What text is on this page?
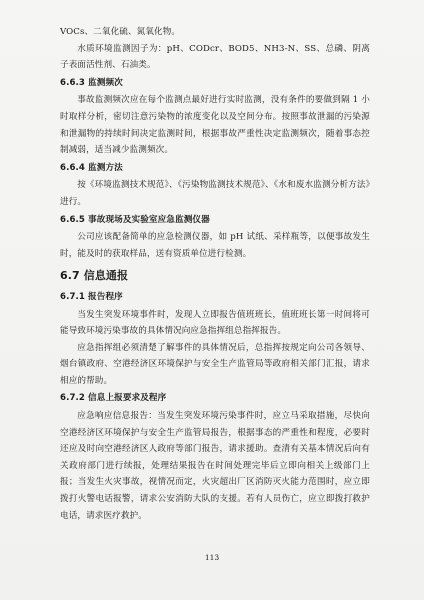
VOCs、二氧化硫、氮氧化物。

水质环境监测因子为：pH、CODcr、BOD5、NH3-N、SS、总磷、阴离子表面活性剂、石油类。

6.6.3 监测频次

事故监测频次应在每个监测点最好进行实时监测，没有条件的要做到隔 1 小时取样分析，密切注意污染物的浓度变化以及空间分布。按照事故泄漏的污染源和泄漏物的持续时间决定监测时间，根据事故严重性决定监测频次，随着事态控制减弱，适当减少监测频次。

6.6.4 监测方法

按《环境监测技术规范》、《污染物监测技术规范》、《水和废水监测分析方法》进行。

6.6.5 事故现场及实验室应急监测仪器

公司应该配备简单的应急检测仪器，如 pH 试纸、采样瓶等，以便事故发生时，能及时的获取样品，送有资质单位进行检测。

6.7 信息通报
6.7.1 报告程序

当发生突发环境事件时，发现人立即报告值班班长，值班班长第一时间将可能导致环境污染事故的具体情况向应急指挥组总指挥报告。

应急指挥组必须清楚了解事件的具体情况后，总指挥按规定向公司各领导、烟台镇政府、空港经济区环境保护与安全生产监管局等政府相关部门汇报，请求相应的帮助。

6.7.2 信息上报要求及程序

应急响应信息报告：当发生突发环境污染事件时，应立马采取措施，尽快向空港经济区环境保护与安全生产监管局报告，根据事态的严重性和程度，必要时还应及时向空港经济区人政府等部门报告，请求援助。查清有关基本情况后向有关政府部门进行续报，处理结果报告在时间处理完毕后立即向相关上级部门上报；当发生火灾事故，视情况而定，火灾超出厂区消防灭火能力范围时，应立即拨打火警电话报警，请求公安消防大队的支援。若有人员伤亡，应立即拨打救护电话，请求医疗救护。

113
